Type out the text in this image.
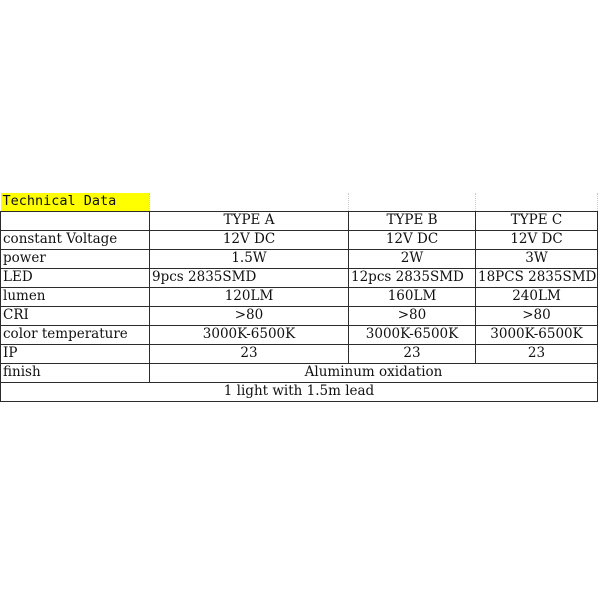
Technical Data			
	TYPE A	TYPE B	TYPE C
constant Voltage	12V DC	12V DC	12V DC
power	1.5W	2W	3W
LED	9pcs 2835SMD	12pcs 2835SMD	18PCS 2835SMD
lumen	120LM	160LM	240LM
CRI	>80	>80	>80
color temperature	3000K-6500K	3000K-6500K	3000K-6500K
IP	23	23	23
finish	Aluminum oxidation		
1 light with 1.5m lead			
